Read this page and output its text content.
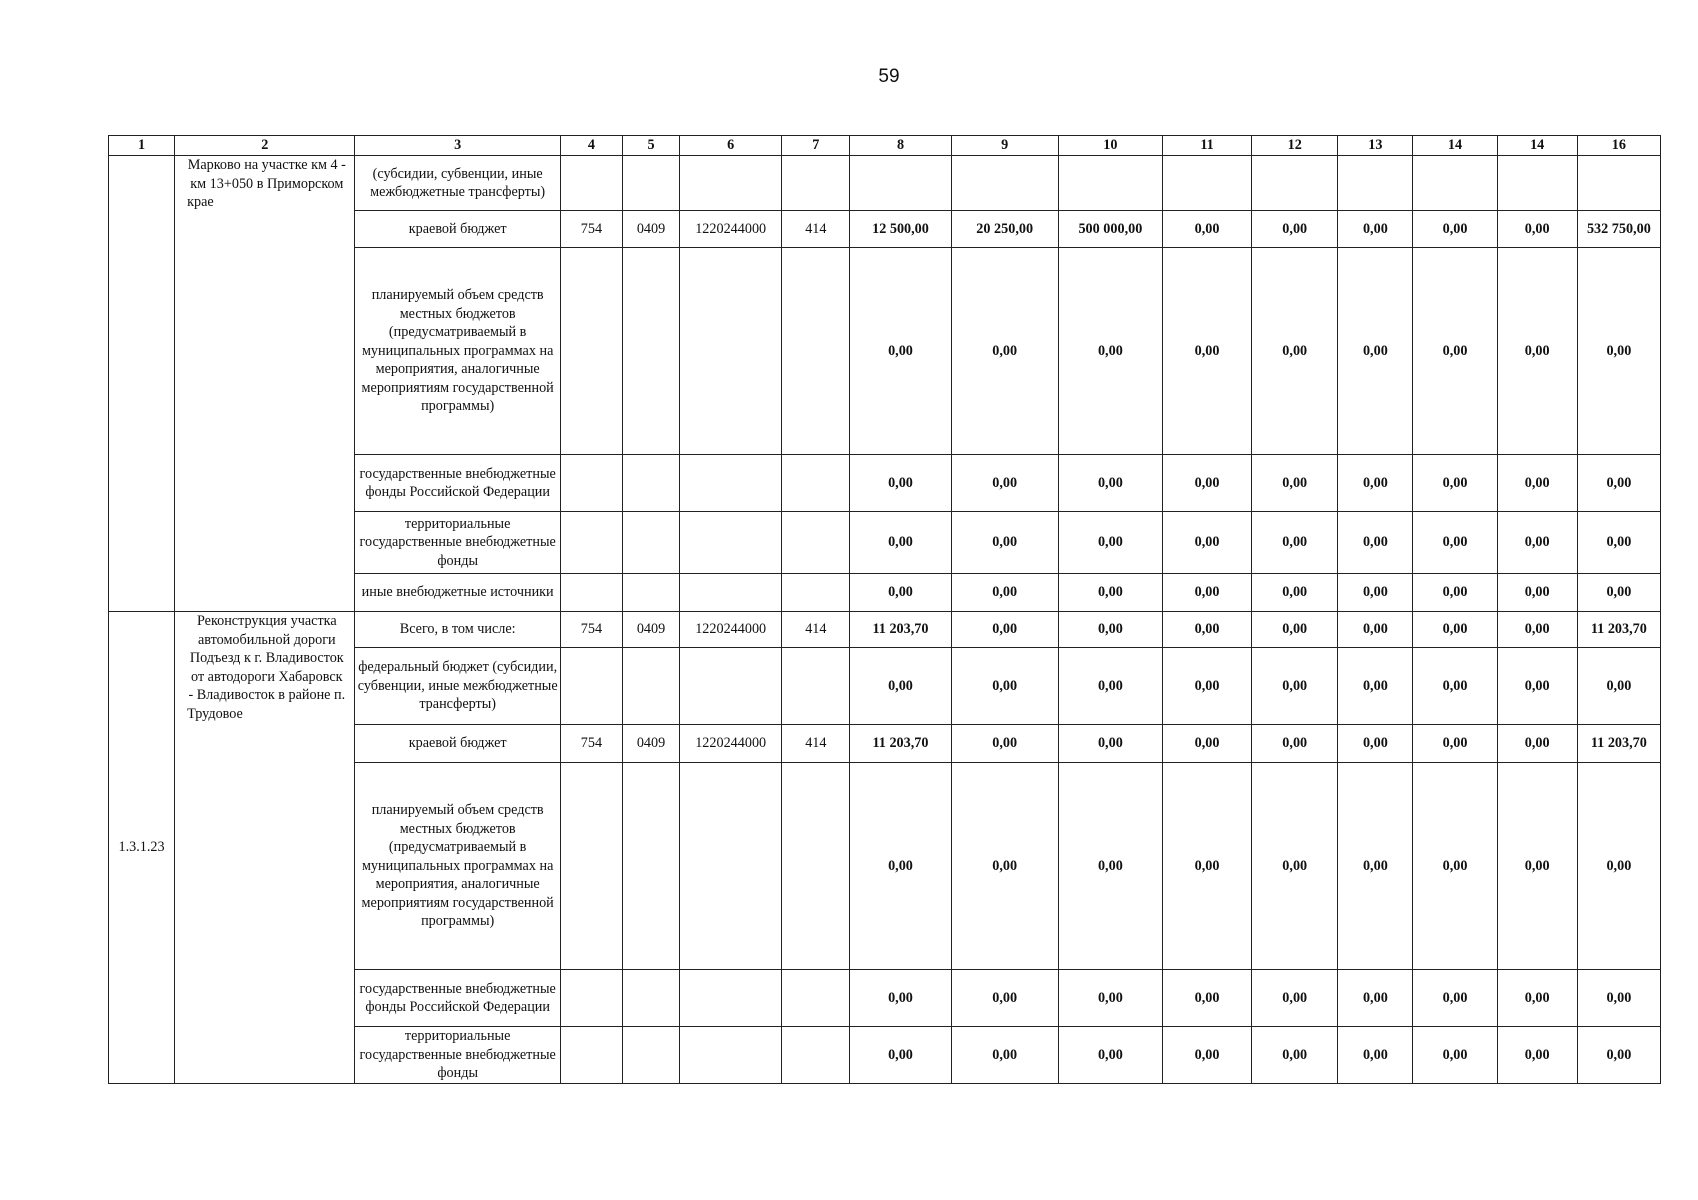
59
1	2	3	4	5	6	7	8	9	10	11	12	13	14	14	16
	Марково на участке км 4 - км 13+050 в Приморском крае	(субсидии, субвенции, иные межбюджетные трансферты)													
		краевой бюджет	754	0409	1220244000	414	12 500,00	20 250,00	500 000,00	0,00	0,00	0,00	0,00	0,00	532 750,00
		планируемый объем средств местных бюджетов (предусматриваемый в муниципальных программах на мероприятия, аналогичные мероприятиям государственной программы)					0,00	0,00	0,00	0,00	0,00	0,00	0,00	0,00	0,00
		государственные внебюджетные фонды Российской Федерации					0,00	0,00	0,00	0,00	0,00	0,00	0,00	0,00	0,00
		территориальные государственные внебюджетные фонды					0,00	0,00	0,00	0,00	0,00	0,00	0,00	0,00	0,00
		иные внебюджетные источники					0,00	0,00	0,00	0,00	0,00	0,00	0,00	0,00	0,00
1.3.1.23	Реконструкция участка автомобильной дороги Подъезд к г. Владивосток от автодороги Хабаровск - Владивосток в районе п. Трудовое	Всего, в том числе:	754	0409	1220244000	414	11 203,70	0,00	0,00	0,00	0,00	0,00	0,00	0,00	11 203,70
		федеральный бюджет (субсидии, субвенции, иные межбюджетные трансферты)					0,00	0,00	0,00	0,00	0,00	0,00	0,00	0,00	0,00
		краевой бюджет	754	0409	1220244000	414	11 203,70	0,00	0,00	0,00	0,00	0,00	0,00	0,00	11 203,70
		планируемый объем средств местных бюджетов (предусматриваемый в муниципальных программах на мероприятия, аналогичные мероприятиям государственной программы)					0,00	0,00	0,00	0,00	0,00	0,00	0,00	0,00	0,00
		государственные внебюджетные фонды Российской Федерации					0,00	0,00	0,00	0,00	0,00	0,00	0,00	0,00	0,00
		территориальные государственные внебюджетные фонды					0,00	0,00	0,00	0,00	0,00	0,00	0,00	0,00	0,00
